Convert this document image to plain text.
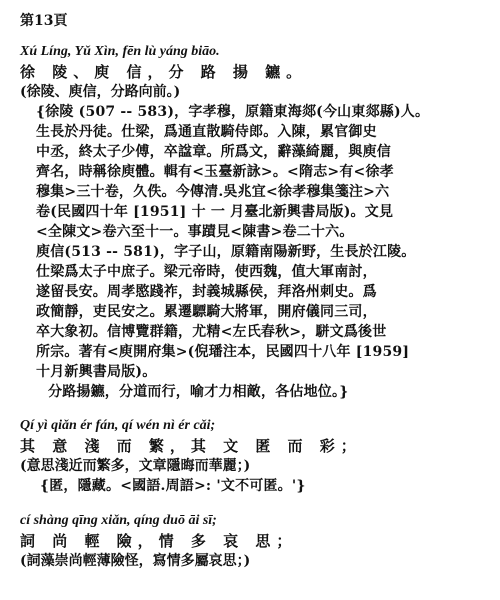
第13頁
Xú Líng, Yǔ Xìn, fēn lù yáng biāo.
徐 陵、庾 信，分 路 揚 鑣。
(徐陵、庾信，分路向前。)
{徐陵 (507 -- 583)，字孝穆，原籍東海郯(今山東郯縣)人。
生長於丹徒。仕梁，爲通直散騎侍郎。入陳，累官御史
中丞，終太子少傅，卒諡章。所爲文，辭藻綺麗，與庾信
齊名，時稱徐庾體。輯有<玉臺新詠>。<隋志>有<徐孝
穆集>三十卷，久佚。今傳清.吳兆宜<徐孝穆集箋注>六
卷(民國四十年 [1951] 十 一 月臺北新興書局版)。文見
<全陳文>卷六至十一。事蹟見<陳書>卷二十六。
庾信(513 -- 581)，字子山，原籍南陽新野，生長於江陵。
仕梁爲太子中庶子。梁元帝時，使西魏，值大軍南討，
遂留長安。周孝愍踐祚，封義城縣侯，拜洛州刺史。爲
政簡靜，吏民安之。累遷驃騎大將軍，開府儀同三司，
卒大象初。信博覽群籍，尤精<左氏春秋>，駢文爲後世
所宗。著有<庾開府集>(倪璠注本，民國四十八年 [1959]
十月新興書局版)。
分路揚鑣，分道而行，喻才力相敵，各佔地位。}
Qí yì qiǎn ér fán, qí wén nì ér cǎi;
其 意 淺 而 繁，其 文 匿 而 彩；
(意思淺近而繁多，文章隱晦而華麗；)
{匿，隱藏。<國語.周語>: '文不可匿。'}
cí shàng qīng xiǎn, qíng duō āi sī;
詞 尚 輕 險，情 多 哀 思；
(詞藻崇尚輕薄險怪，寫情多屬哀思；)
